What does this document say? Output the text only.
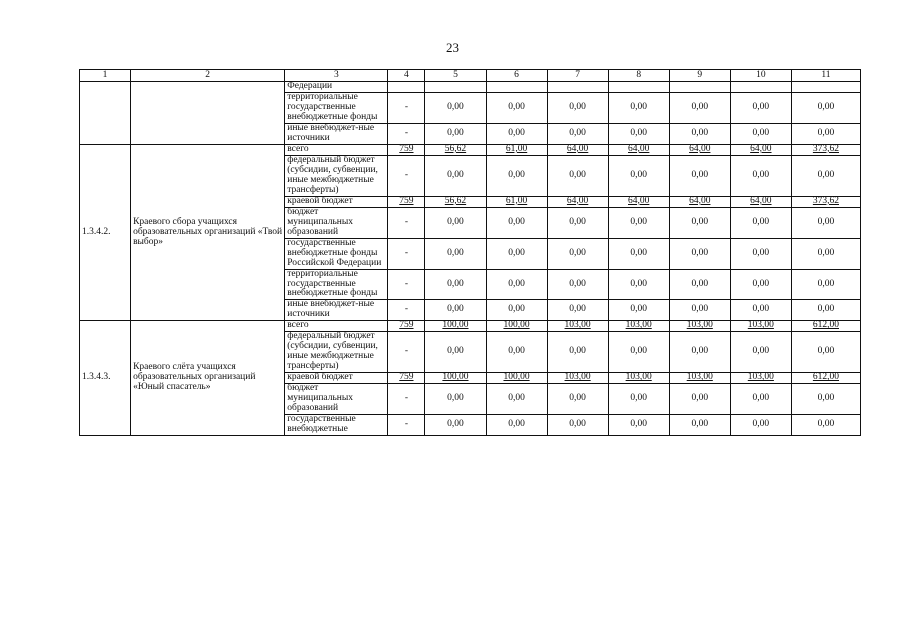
23
1	2	3	4	5	6	7	8	9	10	11
		Федерации								
		территориальные государственные внебюджетные фонды	-	0,00	0,00	0,00	0,00	0,00	0,00	0,00
		иные внебюджет-ные источники	-	0,00	0,00	0,00	0,00	0,00	0,00	0,00
1.3.4.2.	Краевого сбора учащихся образовательных организаций «Твой выбор»	всего	759	56,62	61,00	64,00	64,00	64,00	64,00	373,62
		федеральный бюджет (субсидии, субвенции, иные межбюджетные трансферты)	-	0,00	0,00	0,00	0,00	0,00	0,00	0,00
		краевой бюджет	759	56,62	61,00	64,00	64,00	64,00	64,00	373,62
		бюджет муниципальных образований	-	0,00	0,00	0,00	0,00	0,00	0,00	0,00
		государственные внебюджетные фонды Российской Федерации	-	0,00	0,00	0,00	0,00	0,00	0,00	0,00
		территориальные государственные внебюджетные фонды	-	0,00	0,00	0,00	0,00	0,00	0,00	0,00
		иные внебюджет-ные источники	-	0,00	0,00	0,00	0,00	0,00	0,00	0,00
1.3.4.3.	Краевого слёта учащихся образовательных организаций «Юный спасатель»	всего	759	100,00	100,00	103,00	103,00	103,00	103,00	612,00
		федеральный бюджет (субсидии, субвенции, иные межбюджетные трансферты)	-	0,00	0,00	0,00	0,00	0,00	0,00	0,00
		краевой бюджет	759	100,00	100,00	103,00	103,00	103,00	103,00	612,00
		бюджет муниципальных образований	-	0,00	0,00	0,00	0,00	0,00	0,00	0,00
		государственные внебюджетные	-	0,00	0,00	0,00	0,00	0,00	0,00	0,00
